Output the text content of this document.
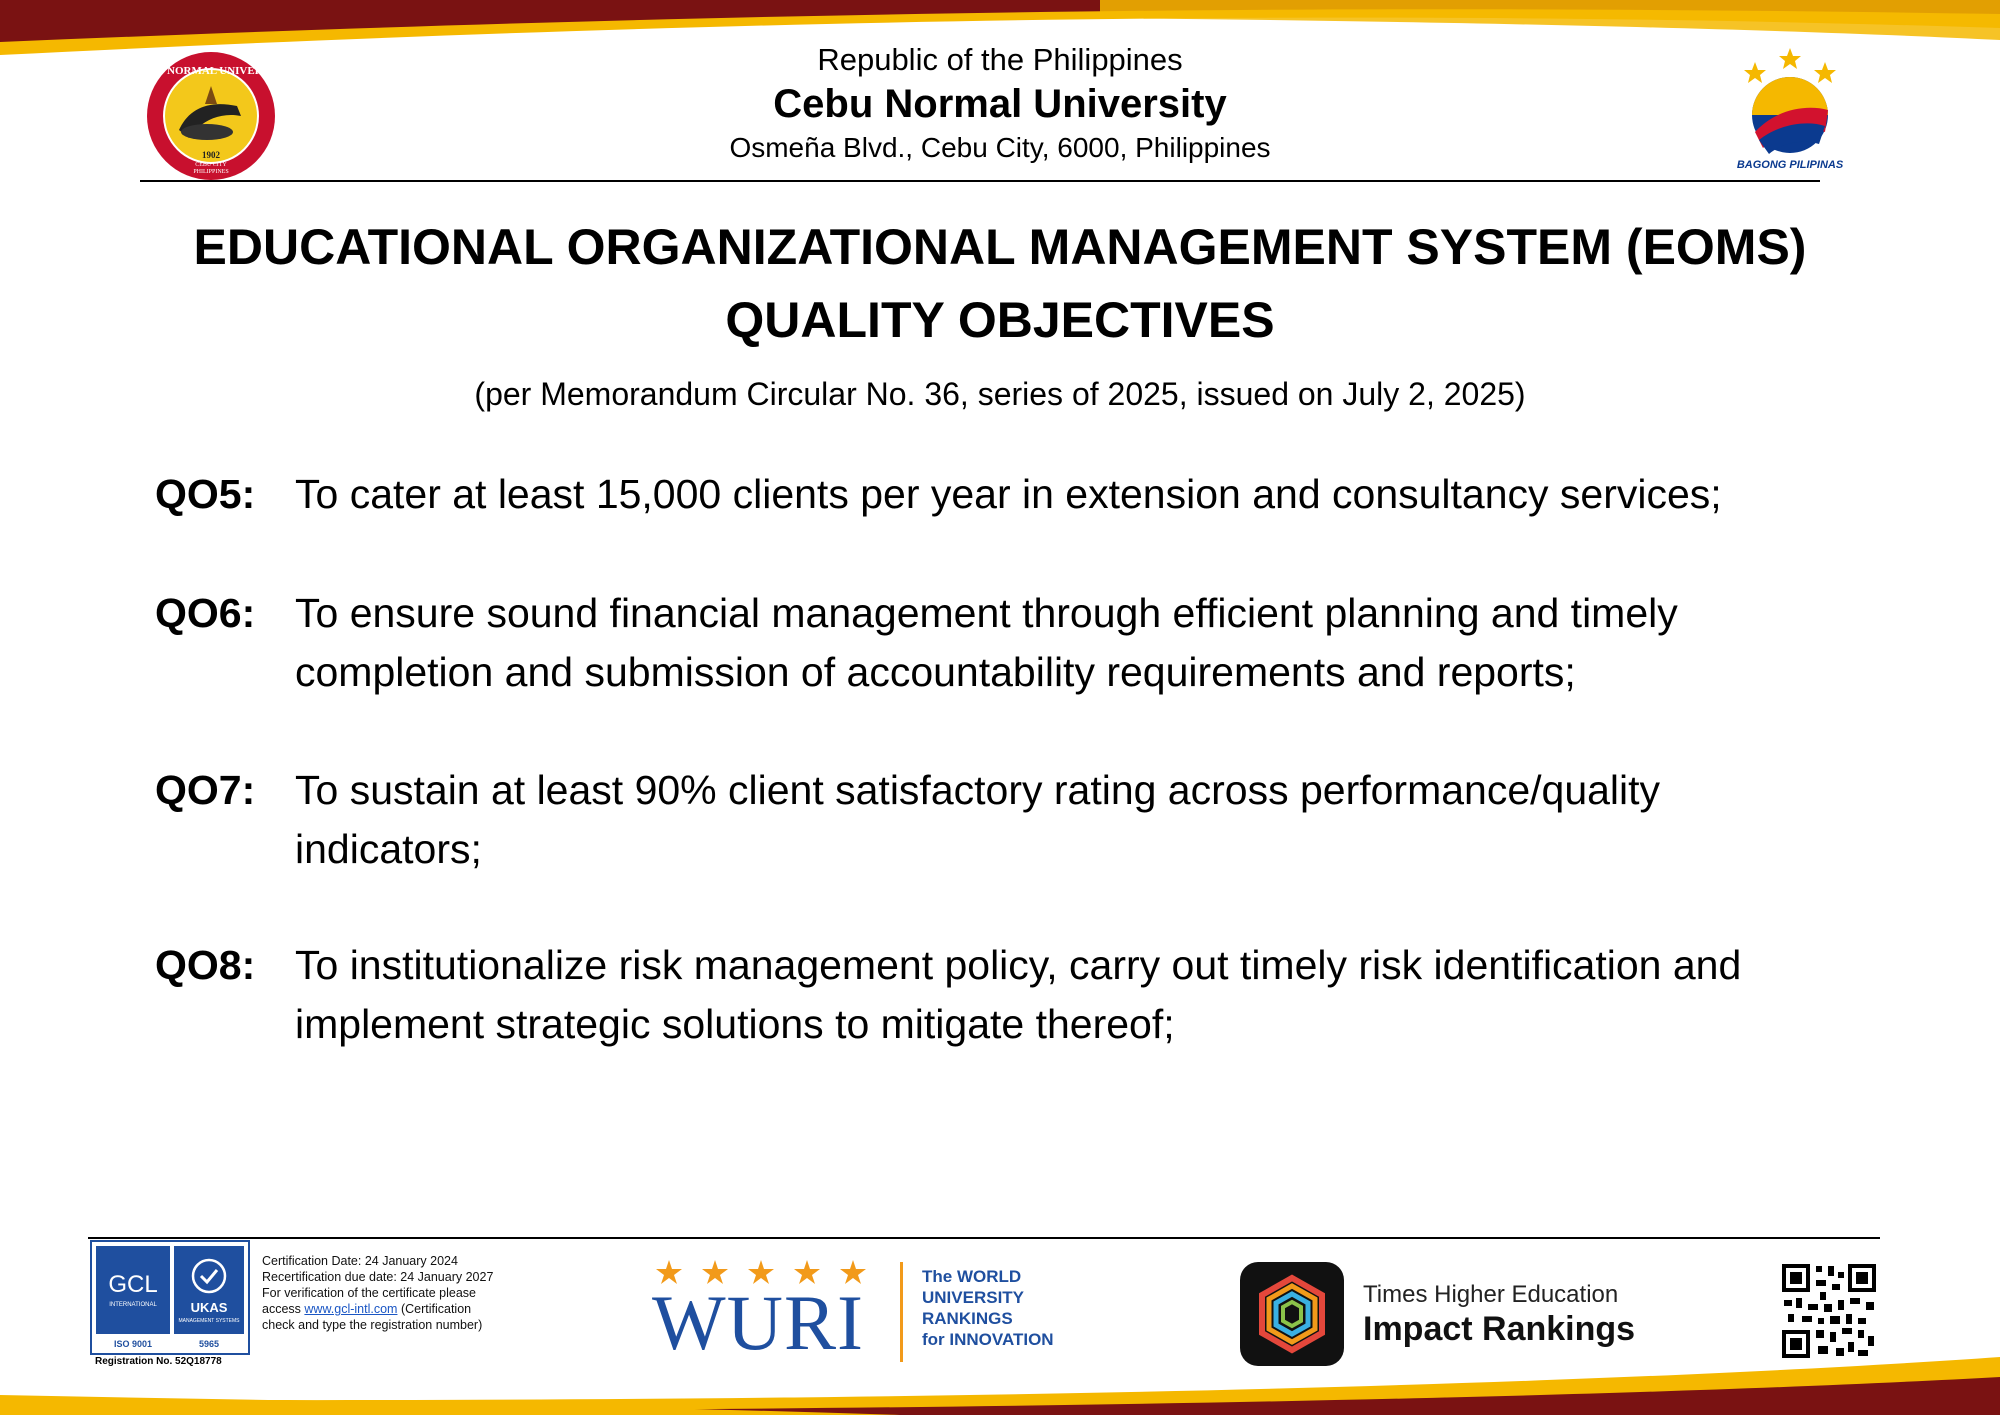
1902
CEBU NORMAL UNIVERSITY
CEBU CITY
PHILIPPINES
BAGONG PILIPINAS
Republic of the Philippines
Cebu Normal University
Osmeña Blvd., Cebu City, 6000, Philippines
EDUCATIONAL ORGANIZATIONAL MANAGEMENT SYSTEM (EOMS)
QUALITY OBJECTIVES
(per Memorandum Circular No. 36, series of 2025, issued on July 2, 2025)
QO5: To cater at least 15,000 clients per year in extension and consultancy services;
QO6: To ensure sound financial management through efficient planning and timely completion and submission of accountability requirements and reports;
QO7: To sustain at least 90% client satisfactory rating across performance/quality indicators;
QO8: To institutionalize risk management policy, carry out timely risk identification and implement strategic solutions to mitigate thereof;
GCL
INTERNATIONAL	UKAS
MANAGEMENT SYSTEMS
ISO 9001	5965
Registration No. 52Q18778
Certification Date: 24 January 2024
Recertification due date: 24 January 2027
For verification of the certificate please
access www.gcl-intl.com (Certification
check and type the registration number)	WURI
The WORLD
UNIVERSITY
RANKINGS
for INNOVATION
Times Higher Education
Impact Rankings
